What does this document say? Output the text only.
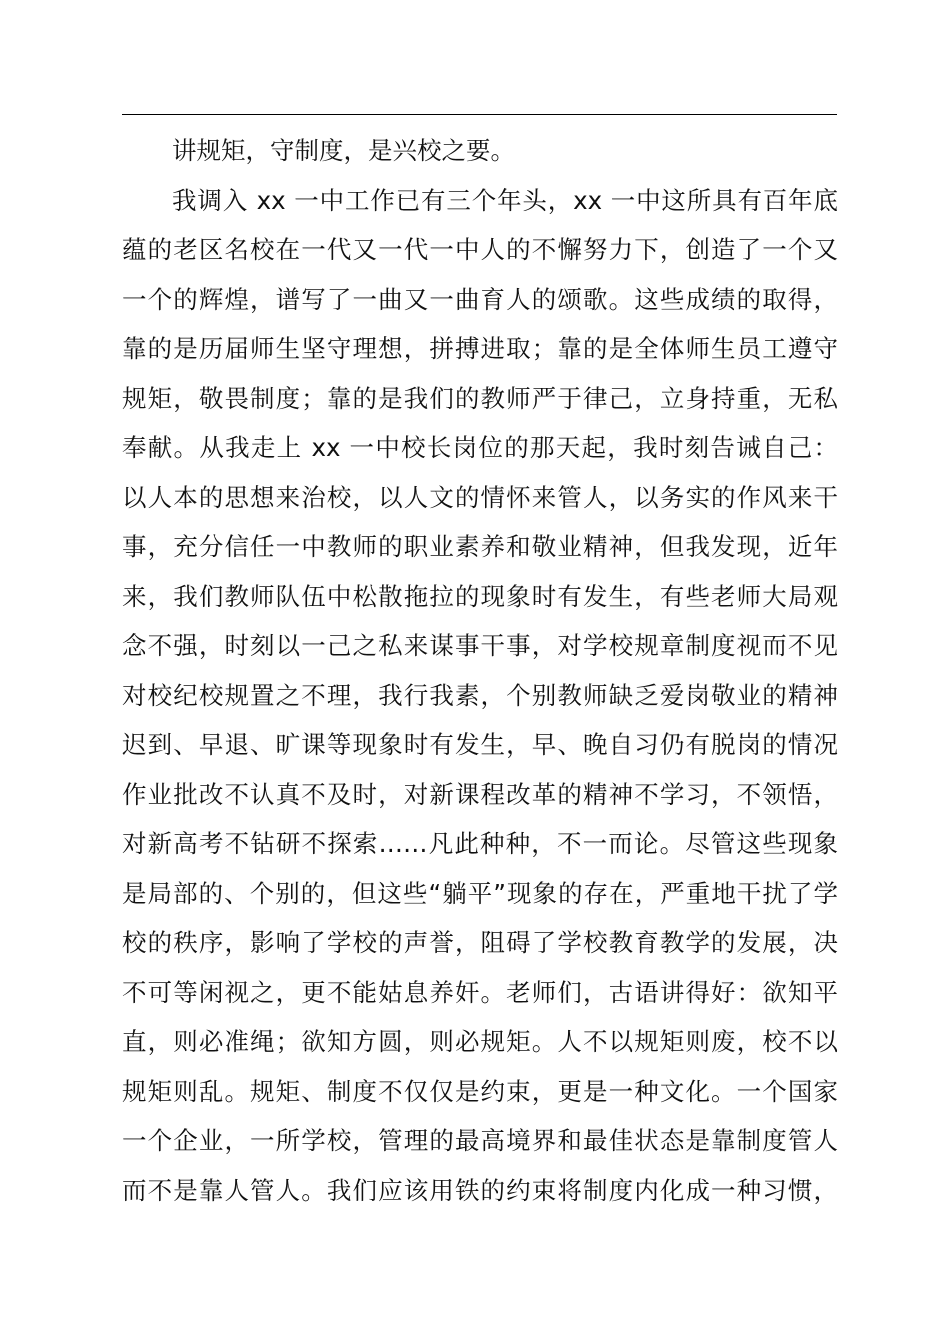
讲规矩，守制度，是兴校之要。
我调入 xx 一中工作已有三个年头，xx 一中这所具有百年底
蕴的老区名校在一代又一代一中人的不懈努力下，创造了一个又
一个的辉煌，谱写了一曲又一曲育人的颂歌。这些成绩的取得，
靠的是历届师生坚守理想，拼搏进取；靠的是全体师生员工遵守
规矩，敬畏制度；靠的是我们的教师严于律己，立身持重，无私
奉献。从我走上 xx 一中校长岗位的那天起，我时刻告诫自己：
以人本的思想来治校，以人文的情怀来管人，以务实的作风来干
事，充分信任一中教师的职业素养和敬业精神，但我发现，近年
来，我们教师队伍中松散拖拉的现象时有发生，有些老师大局观
念不强，时刻以一己之私来谋事干事，对学校规章制度视而不见
对校纪校规置之不理，我行我素，个别教师缺乏爱岗敬业的精神
迟到、早退、旷课等现象时有发生，早、晚自习仍有脱岗的情况
作业批改不认真不及时，对新课程改革的精神不学习，不领悟，
对新高考不钻研不探索……凡此种种，不一而论。尽管这些现象
是局部的、个别的，但这些“躺平”现象的存在，严重地干扰了学
校的秩序，影响了学校的声誉，阻碍了学校教育教学的发展，决
不可等闲视之，更不能姑息养奸。老师们，古语讲得好：欲知平
直，则必准绳；欲知方圆，则必规矩。人不以规矩则废，校不以
规矩则乱。规矩、制度不仅仅是约束，更是一种文化。一个国家
一个企业，一所学校，管理的最高境界和最佳状态是靠制度管人
而不是靠人管人。我们应该用铁的约束将制度内化成一种习惯，
